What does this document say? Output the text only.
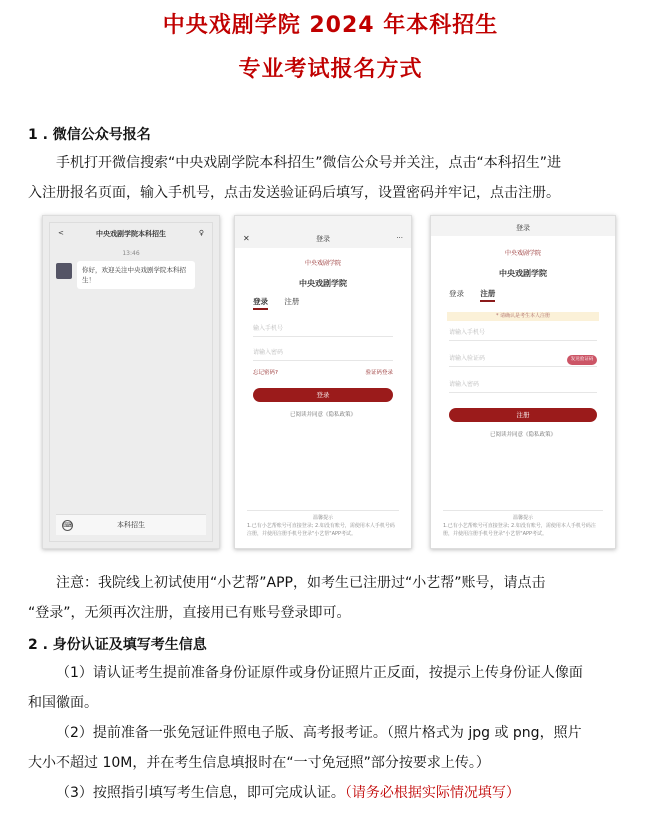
中央戏剧学院 2024 年本科招生
专业考试报名方式
1 . 微信公众号报名
手机打开微信搜索“中央戏剧学院本科招生”微信公众号并关注，点击“本科招生”进
入注册报名页面，输入手机号，点击发送验证码后填写，设置密码并牢记，点击注册。
<	中央戏剧学院本科招生	♀
13:46
你好，欢迎关注中央戏剧学院本科招生！
⌨	本科招生
✕	登录	···
中央戏剧学院
中央戏剧学院
登录 注册
输入手机号
请输入密码
忘记密码?	验证码登录
登录
已阅读并同意《隐私政策》
温馨提示
1.已有小艺帮账号可直接登录; 2.如没有账号，需使用本人手机号码注册，并使用注册手机号登录"小艺帮"APP考试。
登录
中央戏剧学院
中央戏剧学院
登录 注册
* 请确认是考生本人注册
请输入手机号
请输入验证码	发送验证码
请输入密码
注册
已阅读并同意《隐私政策》
温馨提示
1.已有小艺帮账号可直接登录; 2.如没有账号，需使用本人手机号码注册，并使用注册手机号登录"小艺帮"APP考试。
注意：我院线上初试使用“小艺帮”APP，如考生已注册过“小艺帮”账号，请点击
“登录”，无须再次注册，直接用已有账号登录即可。
2 . 身份认证及填写考生信息
（1）请认证考生提前准备身份证原件或身份证照片正反面，按提示上传身份证人像面
和国徽面。
（2）提前准备一张免冠证件照电子版、高考报考证。（照片格式为 jpg 或 png，照片
大小不超过 10M，并在考生信息填报时在“一寸免冠照”部分按要求上传。）
（3）按照指引填写考生信息，即可完成认证。（请务必根据实际情况填写）
